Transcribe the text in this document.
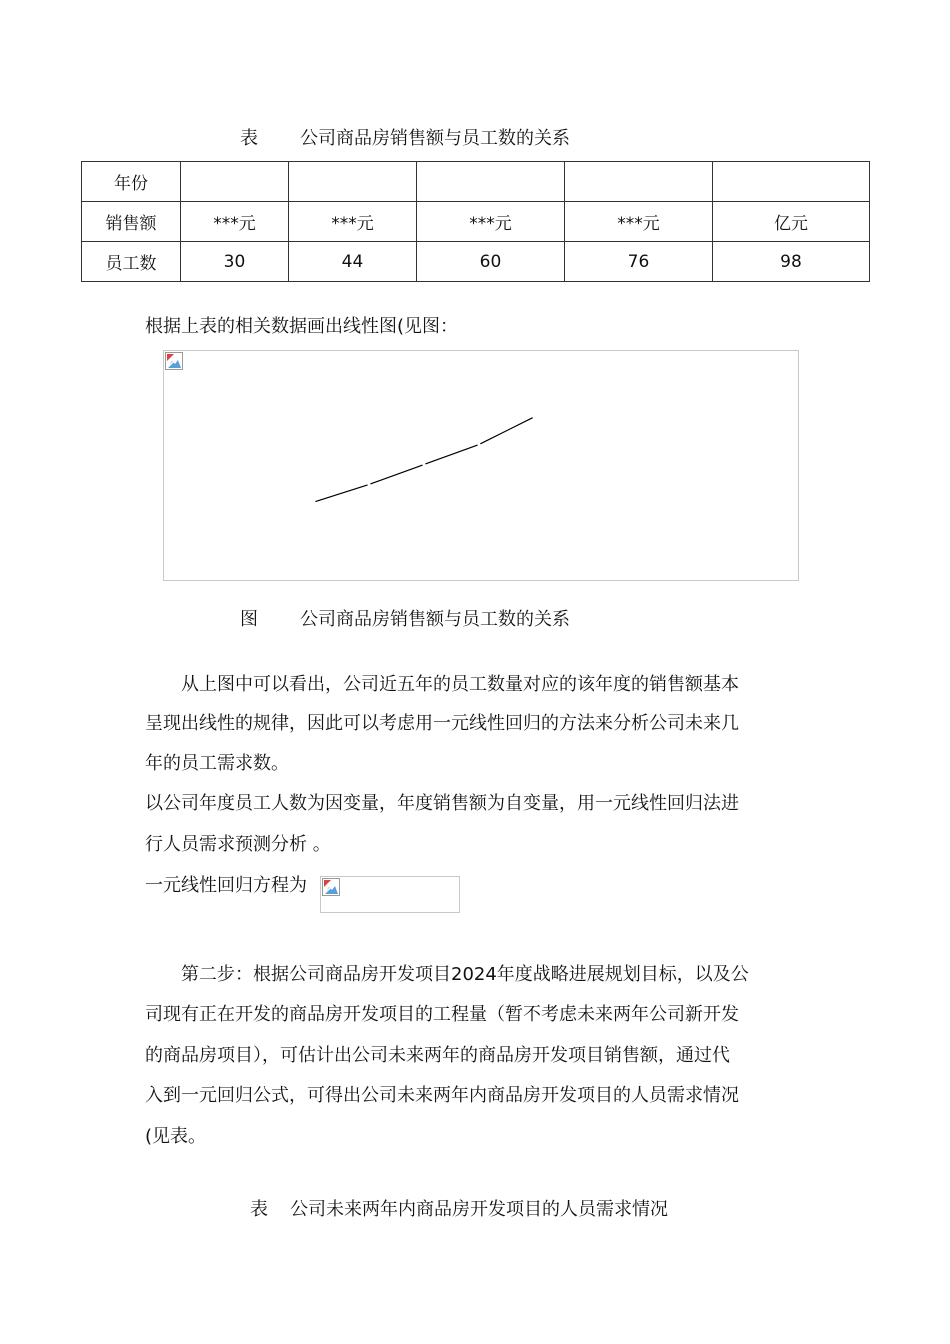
表 公司商品房销售额与员工数的关系
年份					
销售额	***元	***元	***元	***元	亿元
员工数	30	44	60	76	98
根据上表的相关数据画出线性图(见图：
图 公司商品房销售额与员工数的关系
从上图中可以看出，公司近五年的员工数量对应的该年度的销售额基本
呈现出线性的规律，因此可以考虑用一元线性回归的方法来分析公司未来几
年的员工需求数。
以公司年度员工人数为因变量，年度销售额为自变量，用一元线性回归法进
行人员需求预测分析 。
一元线性回归方程为
第二步：根据公司商品房开发项目2024年度战略进展规划目标，以及公
司现有正在开发的商品房开发项目的工程量（暂不考虑未来两年公司新开发
的商品房项目），可估计出公司未来两年的商品房开发项目销售额，通过代
入到一元回归公式，可得出公司未来两年内商品房开发项目的人员需求情况
(见表。
表 公司未来两年内商品房开发项目的人员需求情况
